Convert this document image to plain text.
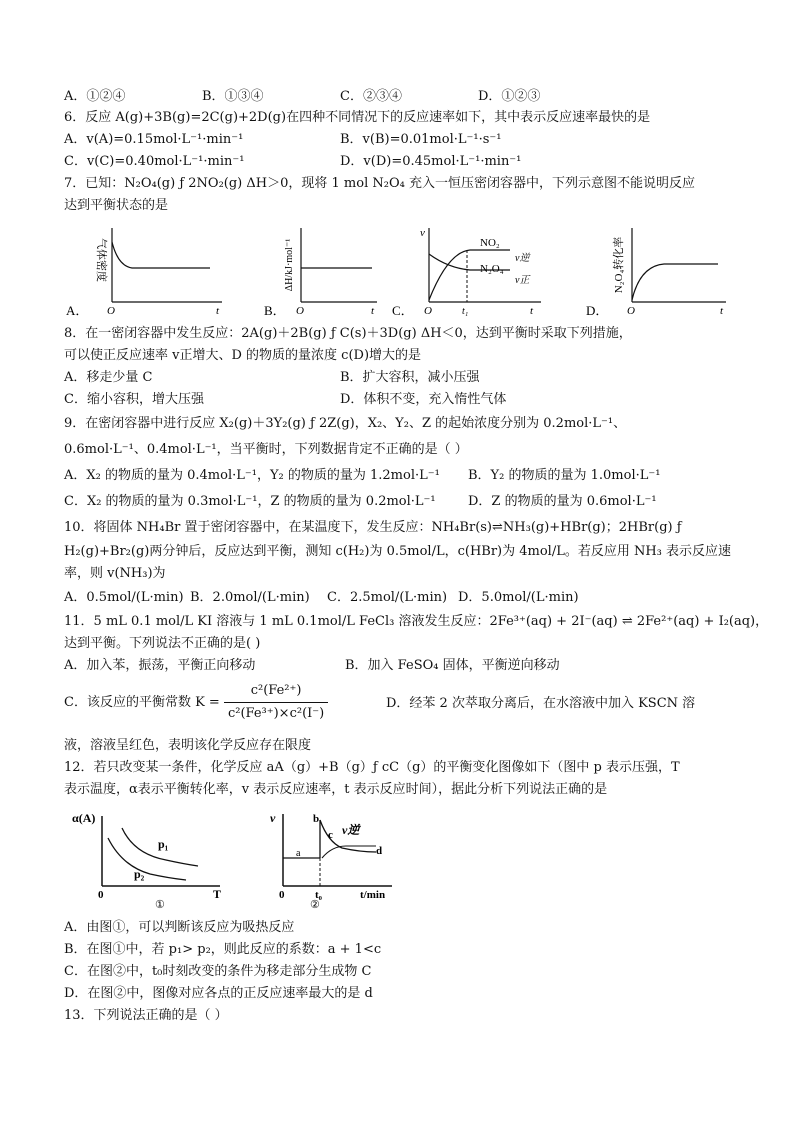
A．①②④	B．①③④	C．②③④	D．①②③
6．反应 A(g)+3B(g)=2C(g)+2D(g)在四种不同情况下的反应速率如下，其中表示反应速率最快的是
A．v(A)=0.15mol·L⁻¹·min⁻¹	B．v(B)=0.01mol·L⁻¹·s⁻¹
C．v(C)=0.40mol·L⁻¹·min⁻¹	D．v(D)=0.45mol·L⁻¹·min⁻¹
7．已知：N₂O₄(g) ƒ 2NO₂(g) ΔH＞0，现将 1 mol N₂O₄ 充入一恒压密闭容器中，下列示意图不能说明反应
达到平衡状态的是
A．
气体密度
O	t	B．
ΔH/kJ·mol⁻¹
O	t C．
v
O	t₁	t
NO₂
N₂O₄
v逆
v正
D．
N₂O₄转化率
O	t
8．在一密闭容器中发生反应：2A(g)＋2B(g) ƒ C(s)＋3D(g) ΔH＜0，达到平衡时采取下列措施，
可以使正反应速率 v正增大、D 的物质的量浓度 c(D)增大的是
A．移走少量 C	B．扩大容积，减小压强
C．缩小容积，增大压强	D．体积不变，充入惰性气体
9．在密闭容器中进行反应 X₂(g)＋3Y₂(g) ƒ 2Z(g)，X₂、Y₂、Z 的起始浓度分别为 0.2mol·L⁻¹、
0.6mol·L⁻¹、0.4mol·L⁻¹，当平衡时，下列数据肯定不正确的是（ ）
A．X₂ 的物质的量为 0.4mol·L⁻¹，Y₂ 的物质的量为 1.2mol·L⁻¹ B．Y₂ 的物质的量为 1.0mol·L⁻¹
C．X₂ 的物质的量为 0.3mol·L⁻¹，Z 的物质的量为 0.2mol·L⁻¹ D．Z 的物质的量为 0.6mol·L⁻¹
10．将固体 NH₄Br 置于密闭容器中，在某温度下，发生反应：NH₄Br(s)⇌NH₃(g)+HBr(g)；2HBr(g) ƒ
H₂(g)+Br₂(g)两分钟后，反应达到平衡，测知 c(H₂)为 0.5mol/L，c(HBr)为 4mol/L。若反应用 NH₃ 表示反应速
率，则 v(NH₃)为
A．0.5mol/(L·min) B．2.0mol/(L·min) C．2.5mol/(L·min) D．5.0mol/(L·min)
11．5 mL 0.1 mol/L KI 溶液与 1 mL 0.1mol/L FeCl₃ 溶液发生反应：2Fe³⁺(aq) + 2I⁻(aq) ⇌ 2Fe²⁺(aq) + I₂(aq)，
达到平衡。下列说法不正确的是( )
A．加入苯，振荡，平衡正向移动	B．加入 FeSO₄ 固体，平衡逆向移动
C．该反应的平衡常数 $K = \frac{\text{c²(Fe²⁺)}}{\text{c²(Fe³⁺)×c²(I⁻)}}$	D．经苯 2 次萃取分离后，在水溶液中加入 KSCN 溶
液，溶液呈红色，表明该化学反应存在限度
12．若只改变某一条件，化学反应 aA（g）+B（g）ƒ cC（g）的平衡变化图像如下（图中 p 表示压强，T
表示温度，α表示平衡转化率，v 表示反应速率，t 表示反应时间），据此分析下列说法正确的是
α(A)
p₁
p₂
0	T
①
v
a
b
c
d
v逆
0	t₀	t/min
②
A．由图①，可以判断该反应为吸热反应
B．在图①中，若 p₁> p₂，则此反应的系数：a + 1<c
C．在图②中，t₀时刻改变的条件为移走部分生成物 C
D．在图②中，图像对应各点的正反应速率最大的是 d
13．下列说法正确的是（ ）
